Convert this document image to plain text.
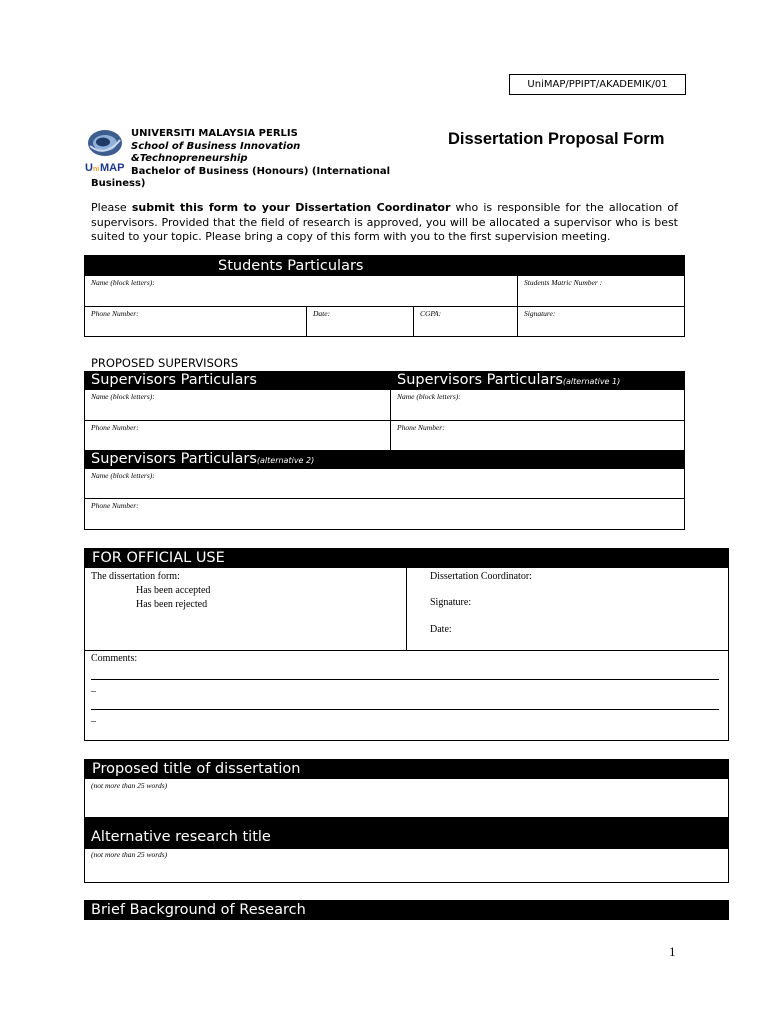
UniMAP/PPIPT/AKADEMIK/01
U ni MAP
UNIVERSITI MALAYSIA PERLIS
School of Business Innovation
&Technopreneurship
Bachelor of Business (Honours) (International
Business)
Dissertation Proposal Form
Please submit this form to your Dissertation Coordinator who is responsible for the allocation of supervisors. Provided that the field of research is approved, you will be allocated a supervisor who is best suited to your topic. Please bring a copy of this form with you to the first supervision meeting.
Students Particulars
Name (block letters):	Students Matric Number :
Phone Number:	Date:	CGPA:	Signature:
PROPOSED SUPERVISORS
Supervisors Particulars	Supervisors Particulars(alternative 1)
Name (block letters):	Name (block letters):
Phone Number:	Phone Number:
Supervisors Particulars(alternative 2)
Name (block letters):
Phone Number:
FOR OFFICIAL USE
The dissertation form:
Has been accepted
Has been rejected
Dissertation Coordinator:
Signature:
Date:
Comments:
_
_
Proposed title of dissertation
(not more than 25 words)
Alternative research title
(not more than 25 words)
Brief Background of Research
1
